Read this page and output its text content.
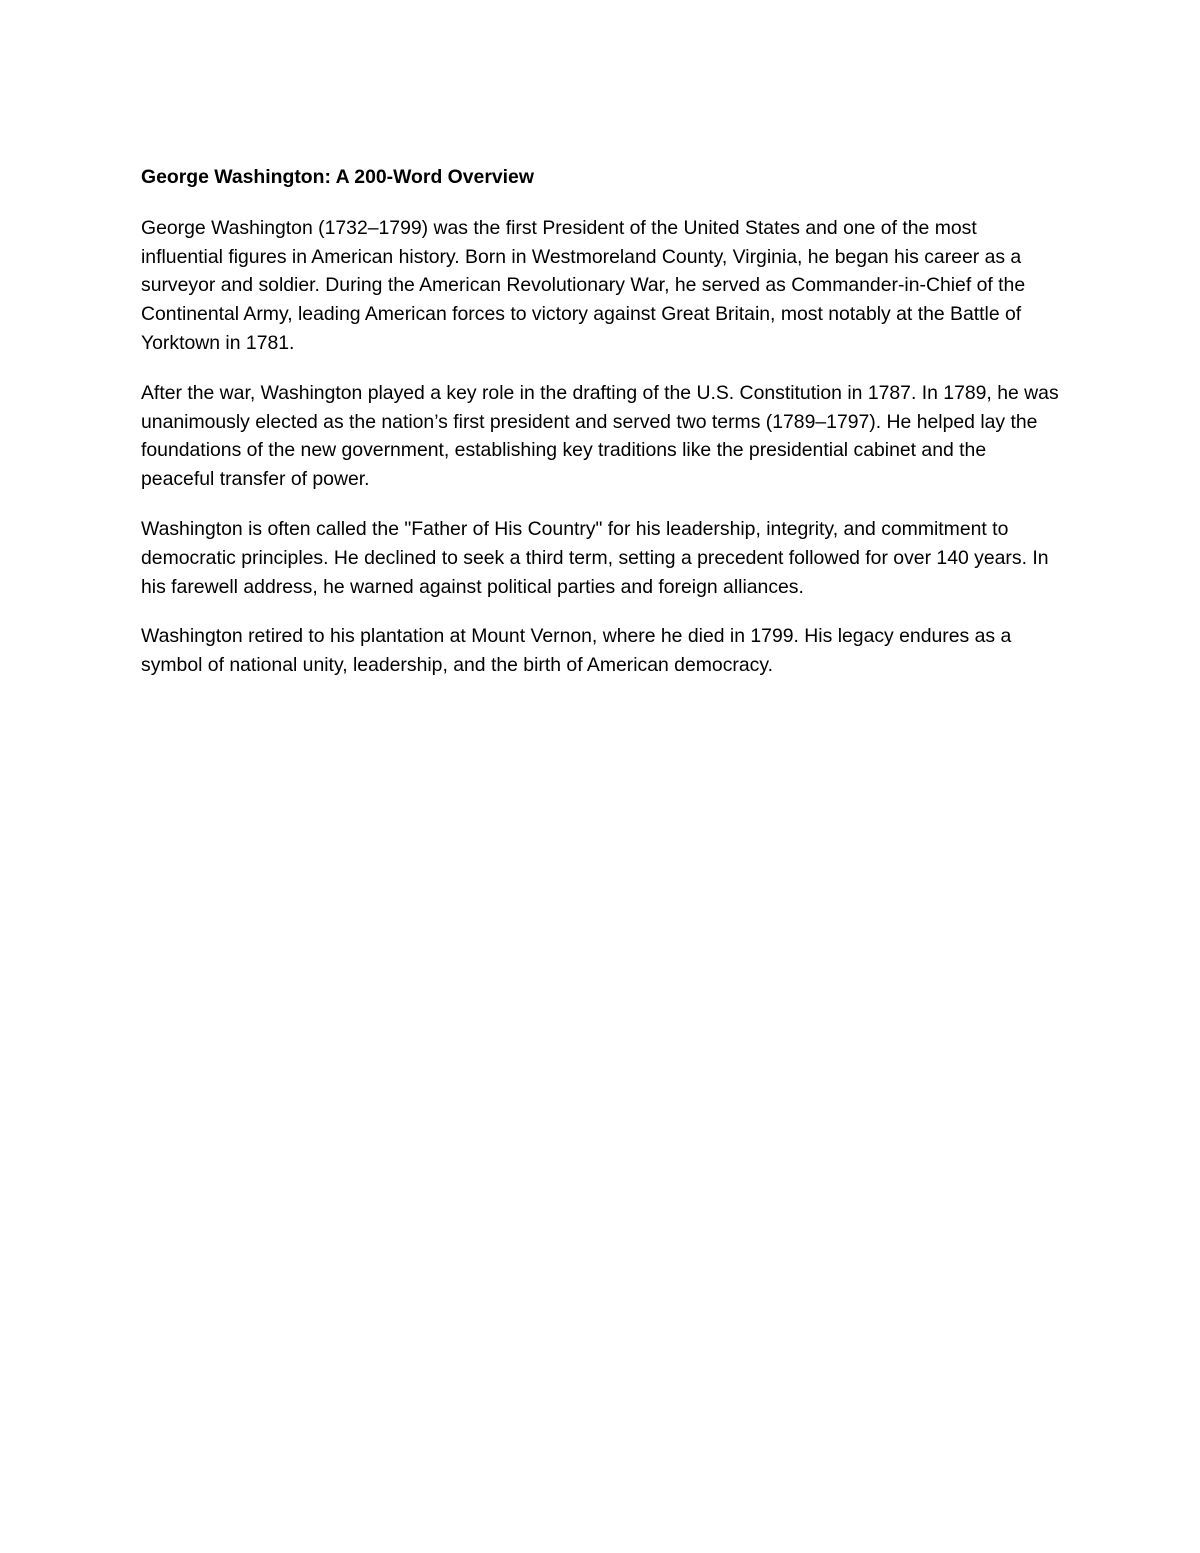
George Washington: A 200-Word Overview

George Washington (1732–1799) was the first President of the United States and one of the most influential figures in American history. Born in Westmoreland County, Virginia, he began his career as a surveyor and soldier. During the American Revolutionary War, he served as Commander-in-Chief of the Continental Army, leading American forces to victory against Great Britain, most notably at the Battle of Yorktown in 1781.

After the war, Washington played a key role in the drafting of the U.S. Constitution in 1787. In 1789, he was unanimously elected as the nation’s first president and served two terms (1789–1797). He helped lay the foundations of the new government, establishing key traditions like the presidential cabinet and the peaceful transfer of power.

Washington is often called the "Father of His Country" for his leadership, integrity, and commitment to democratic principles. He declined to seek a third term, setting a precedent followed for over 140 years. In his farewell address, he warned against political parties and foreign alliances.

Washington retired to his plantation at Mount Vernon, where he died in 1799. His legacy endures as a symbol of national unity, leadership, and the birth of American democracy.
